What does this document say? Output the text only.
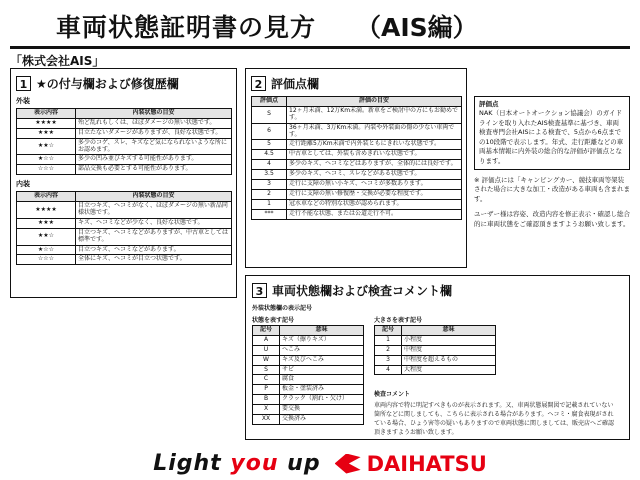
車両状態証明書の見方 （AIS編）
「株式会社AIS」
1 ★の付与欄および修復歴欄
外装
表示内容	内装状態の目安
★★★★	殆ど乱れもしくは、ほぼダメージの無い状態です。
★★★	目立たないダメージがありますが、良好な状態です。
★★☆	多少のコゲ、スレ、キズなど気になられないような所にお認めます。
★☆☆	多少の凹み並びキズする可能性があります。
☆☆☆	部品交換も必要とする可能性があります。
内装
表示内容	内装状態の目安
★★★★	目立つキズ、ヘコミがなく、ほぼダメージの無い新品同様状態です。
★★★	キズ、ヘコミなどが少なく、良好な状態です。
★★☆	目立つキズ、ヘコミなどがありますが、中古車としては標準です。
★☆☆	目立つキズ、ヘコミなどがあります。
☆☆☆	全体にキズ、ヘコミが目立つ状態です。
2 評価点欄
評価点	評価の目安
S	12ヶ月未満、12万Km未満。新車をご検討中の方にもお勧めです。
6	36ヶ月未満、3万Km未満。内装や外装面の傷の少ない車両です。
5	走行距離5万Km未満で内外装ともにきれいな状態です。
4.5	中古車としては、外装も含めきれいな状態です。
4	多少のキズ、ヘコミなどはありますが、全体的には良好です。
3.5	多少のキズ、ヘコミ、スレなどがある状態です。
3	走行に支障の無い小キズ、ヘコミが多数あります。
2	走行に支障の無い修復歴・交換が必要な程度です。
1	冠水車などの特別な状態が認められます。
***	走行不能な状態、または公道走行不可。
評価点
NAK（日本オートオークション協議会）のガイドラインを取り入れたAIS検査基準に基づき、車両検査専門会社AISによる検査で、5点から6点までの10段階で表示します。年式、走行距離などの車両基本情報に内外装の総合的な評価が評価点となります。

※ 評価点には「キャンピングカー、競技車両等架装された場合に大きな加工・改造がある車両も含まれます。

ユーザー様は容姿、改造内容を修正表示・確認し総合的に車両状態をご確認頂きますようお願い致します。

3 車両状態欄および検査コメント欄
外装状態欄の表示記号
状態を表す記号
記号	意味
A	キズ（擦りキズ）
U	へこみ
W	キズ及びへこみ
S	サビ
C	腐食
P	板金・塗装済み
B	クラック（割れ・欠け）
X	要交換
XX	交換済み
大きさを表す記号
記号	意味
1	小程度
2	中程度
3	中程度を超えるもの
4	大程度
検査コメント
車両内容で特に明記すべきものが表示されます。又、車両状態展開図で記載されていない箇所などに関しましても、こちらに表示される場合があります。ヘコミ・腐食表現がされている場合、ひょう害等の疑いもありますので車両状態に関しましては、販売店へご確認頂きますようお願い致します。
Light you up DAIHATSU
